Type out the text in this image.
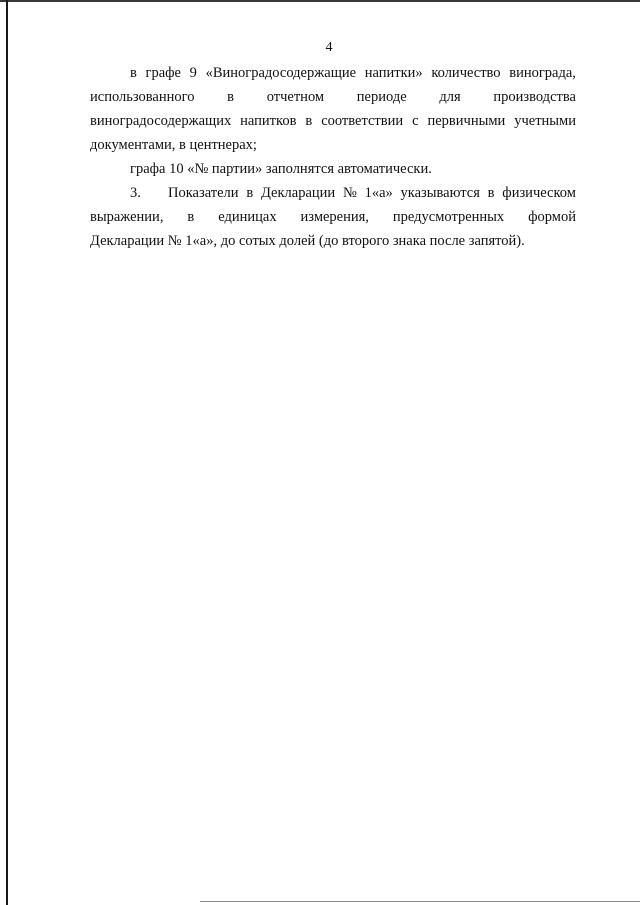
4
в графе 9 «Виноградосодержащие напитки» количество винограда,
использованного в отчетном периоде для производства
виноградосодержащих напитков в соответствии с первичными учетными
документами, в центнерах;
графа 10 «№ партии» заполнятся автоматически.
3. Показатели в Декларации № 1«а» указываются в физическом
выражении, в единицах измерения, предусмотренных формой
Декларации № 1«а», до сотых долей (до второго знака после запятой).
